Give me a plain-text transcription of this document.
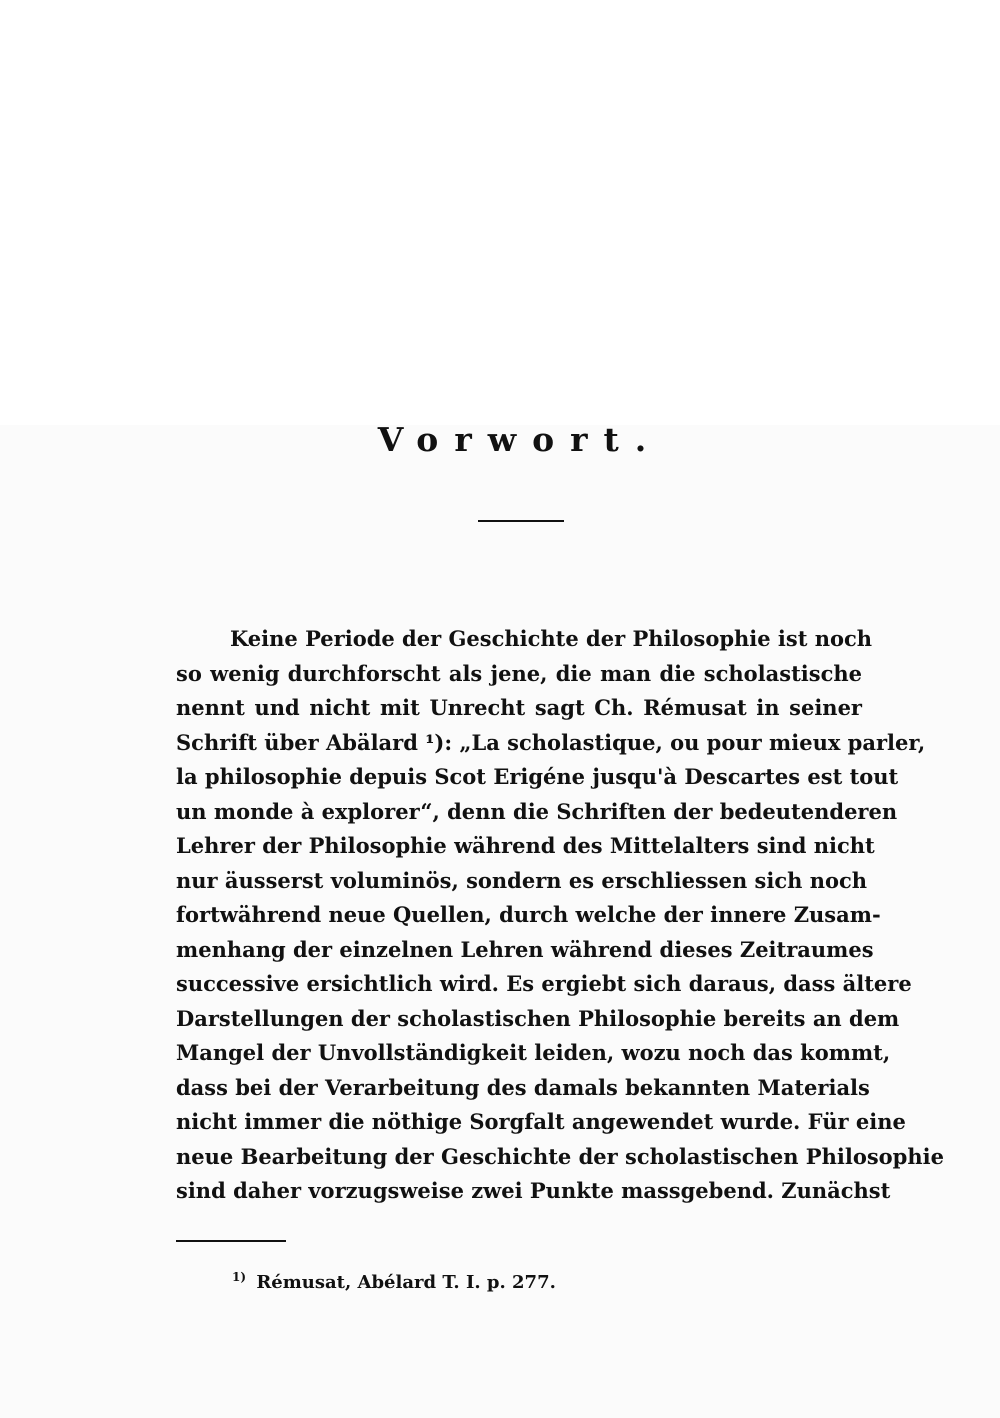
Vorwort.
Keine Periode der Geschichte der Philosophie ist noch
so wenig durchforscht als jene, die man die scholastische
nennt und nicht mit Unrecht sagt Ch. Rémusat in seiner
Schrift über Abälard ¹): „La scholastique, ou pour mieux parler,
la philosophie depuis Scot Erigéne jusqu'à Descartes est tout
un monde à explorer“, denn die Schriften der bedeutenderen
Lehrer der Philosophie während des Mittelalters sind nicht
nur äusserst voluminös, sondern es erschliessen sich noch
fortwährend neue Quellen, durch welche der innere Zusam-
menhang der einzelnen Lehren während dieses Zeitraumes
successive ersichtlich wird. Es ergiebt sich daraus, dass ältere
Darstellungen der scholastischen Philosophie bereits an dem
Mangel der Unvollständigkeit leiden, wozu noch das kommt,
dass bei der Verarbeitung des damals bekannten Materials
nicht immer die nöthige Sorgfalt angewendet wurde. Für eine
neue Bearbeitung der Geschichte der scholastischen Philosophie
sind daher vorzugsweise zwei Punkte massgebend. Zunächst
$^{1)}$ Rémusat, Abélard T. I. p. 277.
